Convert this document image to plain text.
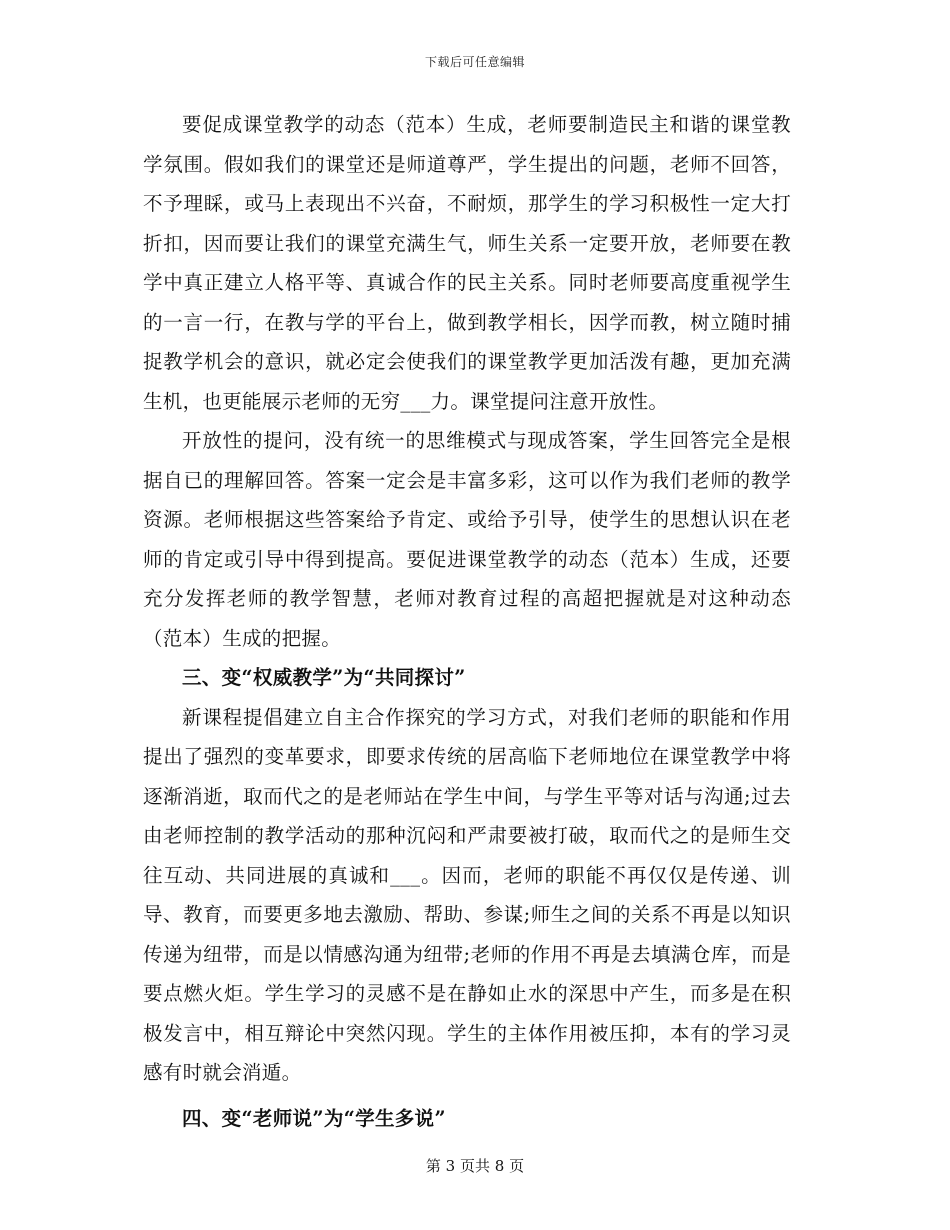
下载后可任意编辑

要促成课堂教学的动态（范本）生成，老师要制造民主和谐的课堂教学氛围。假如我们的课堂还是师道尊严，学生提出的问题，老师不回答，不予理睬，或马上表现出不兴奋，不耐烦，那学生的学习积极性一定大打折扣，因而要让我们的课堂充满生气，师生关系一定要开放，老师要在教学中真正建立人格平等、真诚合作的民主关系。同时老师要高度重视学生的一言一行，在教与学的平台上，做到教学相长，因学而教，树立随时捕捉教学机会的意识，就必定会使我们的课堂教学更加活泼有趣，更加充满生机，也更能展示老师的无穷___力。课堂提问注意开放性。

开放性的提问，没有统一的思维模式与现成答案，学生回答完全是根据自已的理解回答。答案一定会是丰富多彩，这可以作为我们老师的教学资源。老师根据这些答案给予肯定、或给予引导，使学生的思想认识在老师的肯定或引导中得到提高。要促进课堂教学的动态（范本）生成，还要充分发挥老师的教学智慧，老师对教育过程的高超把握就是对这种动态（范本）生成的把握。

三、变“权威教学”为“共同探讨”

新课程提倡建立自主合作探究的学习方式，对我们老师的职能和作用提出了强烈的变革要求，即要求传统的居高临下老师地位在课堂教学中将逐渐消逝，取而代之的是老师站在学生中间，与学生平等对话与沟通;过去由老师控制的教学活动的那种沉闷和严肃要被打破，取而代之的是师生交往互动、共同进展的真诚和___。因而，老师的职能不再仅仅是传递、训导、教育，而要更多地去激励、帮助、参谋;师生之间的关系不再是以知识传递为纽带，而是以情感沟通为纽带;老师的作用不再是去填满仓库，而是要点燃火炬。学生学习的灵感不是在静如止水的深思中产生，而多是在积极发言中，相互辩论中突然闪现。学生的主体作用被压抑，本有的学习灵感有时就会消遁。

四、变“老师说”为“学生多说”

第 3 页共 8 页
